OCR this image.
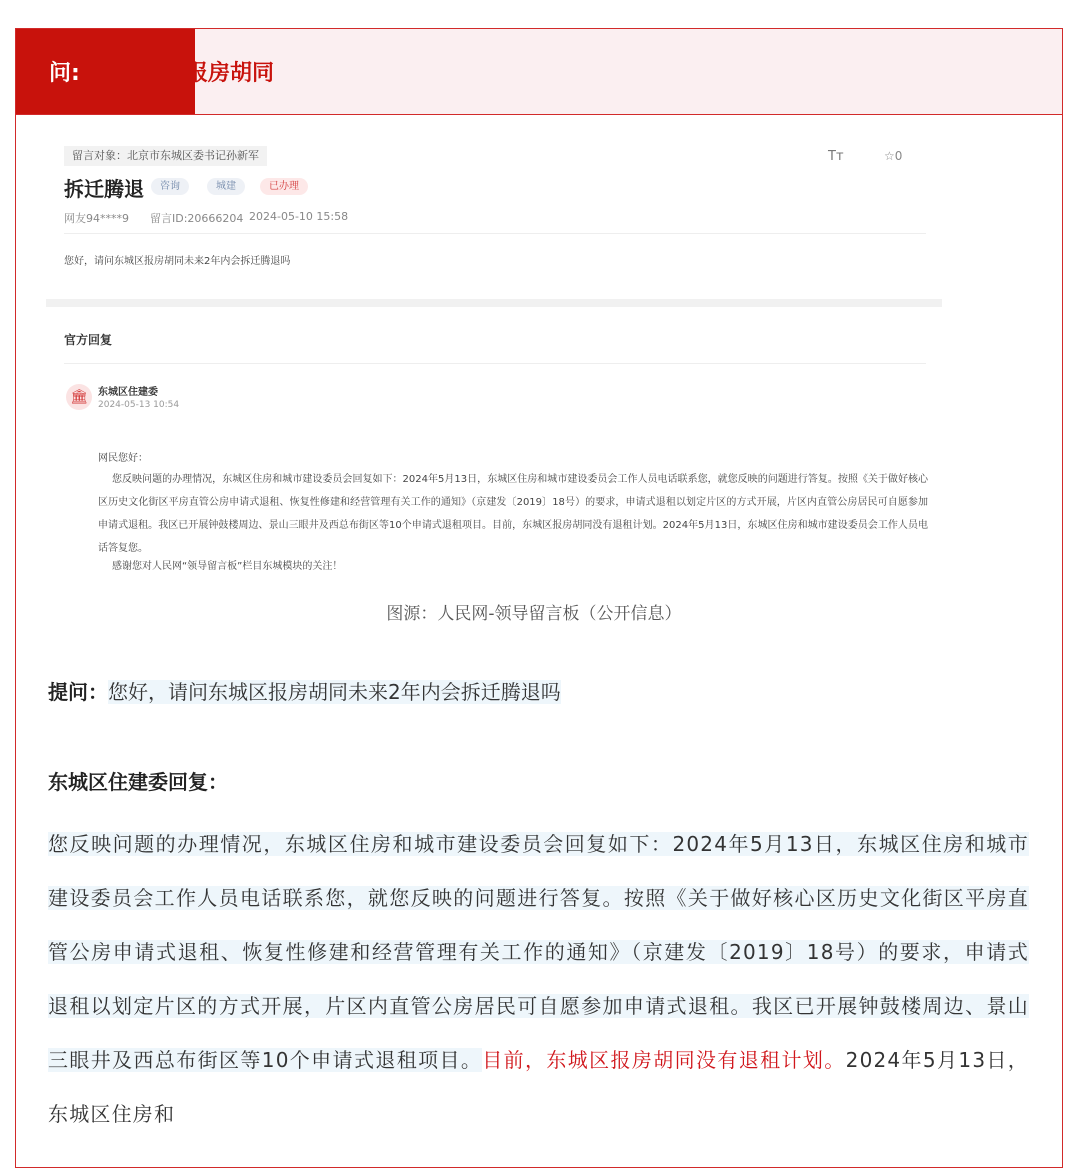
问:	报房胡同
留言对象：北京市东城区委书记孙新军	Tт	☆0
拆迁腾退	咨询	城建	已办理
网友94****9 留言ID:20666204 2024-05-10 15:58
您好，请问东城区报房胡同未来2年内会拆迁腾退吗
官方回复
🏛	东城区住建委
2024-05-13 10:54
网民您好：

您反映问题的办理情况，东城区住房和城市建设委员会回复如下：2024年5月13日，东城区住房和城市建设委员会工作人员电话联系您，就您反映的问题进行答复。按照《关于做好核心区历史文化街区平房直管公房申请式退租、恢复性修建和经营管理有关工作的通知》（京建发〔2019〕18号）的要求，申请式退租以划定片区的方式开展，片区内直管公房居民可自愿参加申请式退租。我区已开展钟鼓楼周边、景山三眼井及西总布街区等10个申请式退租项目。目前，东城区报房胡同没有退租计划。2024年5月13日，东城区住房和城市建设委员会工作人员电话答复您。

感谢您对人民网“领导留言板”栏目东城模块的关注！
图源：人民网-领导留言板（公开信息）
提问：您好，请问东城区报房胡同未来2年内会拆迁腾退吗
东城区住建委回复：

您反映问题的办理情况，东城区住房和城市建设委员会回复如下：2024年5月13日，东城区住房和城市建设委员会工作人员电话联系您，就您反映的问题进行答复。按照《关于做好核心区历史文化街区平房直管公房申请式退租、恢复性修建和经营管理有关工作的通知》（京建发〔2019〕18号）的要求，申请式退租以划定片区的方式开展，片区内直管公房居民可自愿参加申请式退租。我区已开展钟鼓楼周边、景山三眼井及西总布街区等10个申请式退租项目。目前，东城区报房胡同没有退租计划。2024年5月13日，东城区住房和
